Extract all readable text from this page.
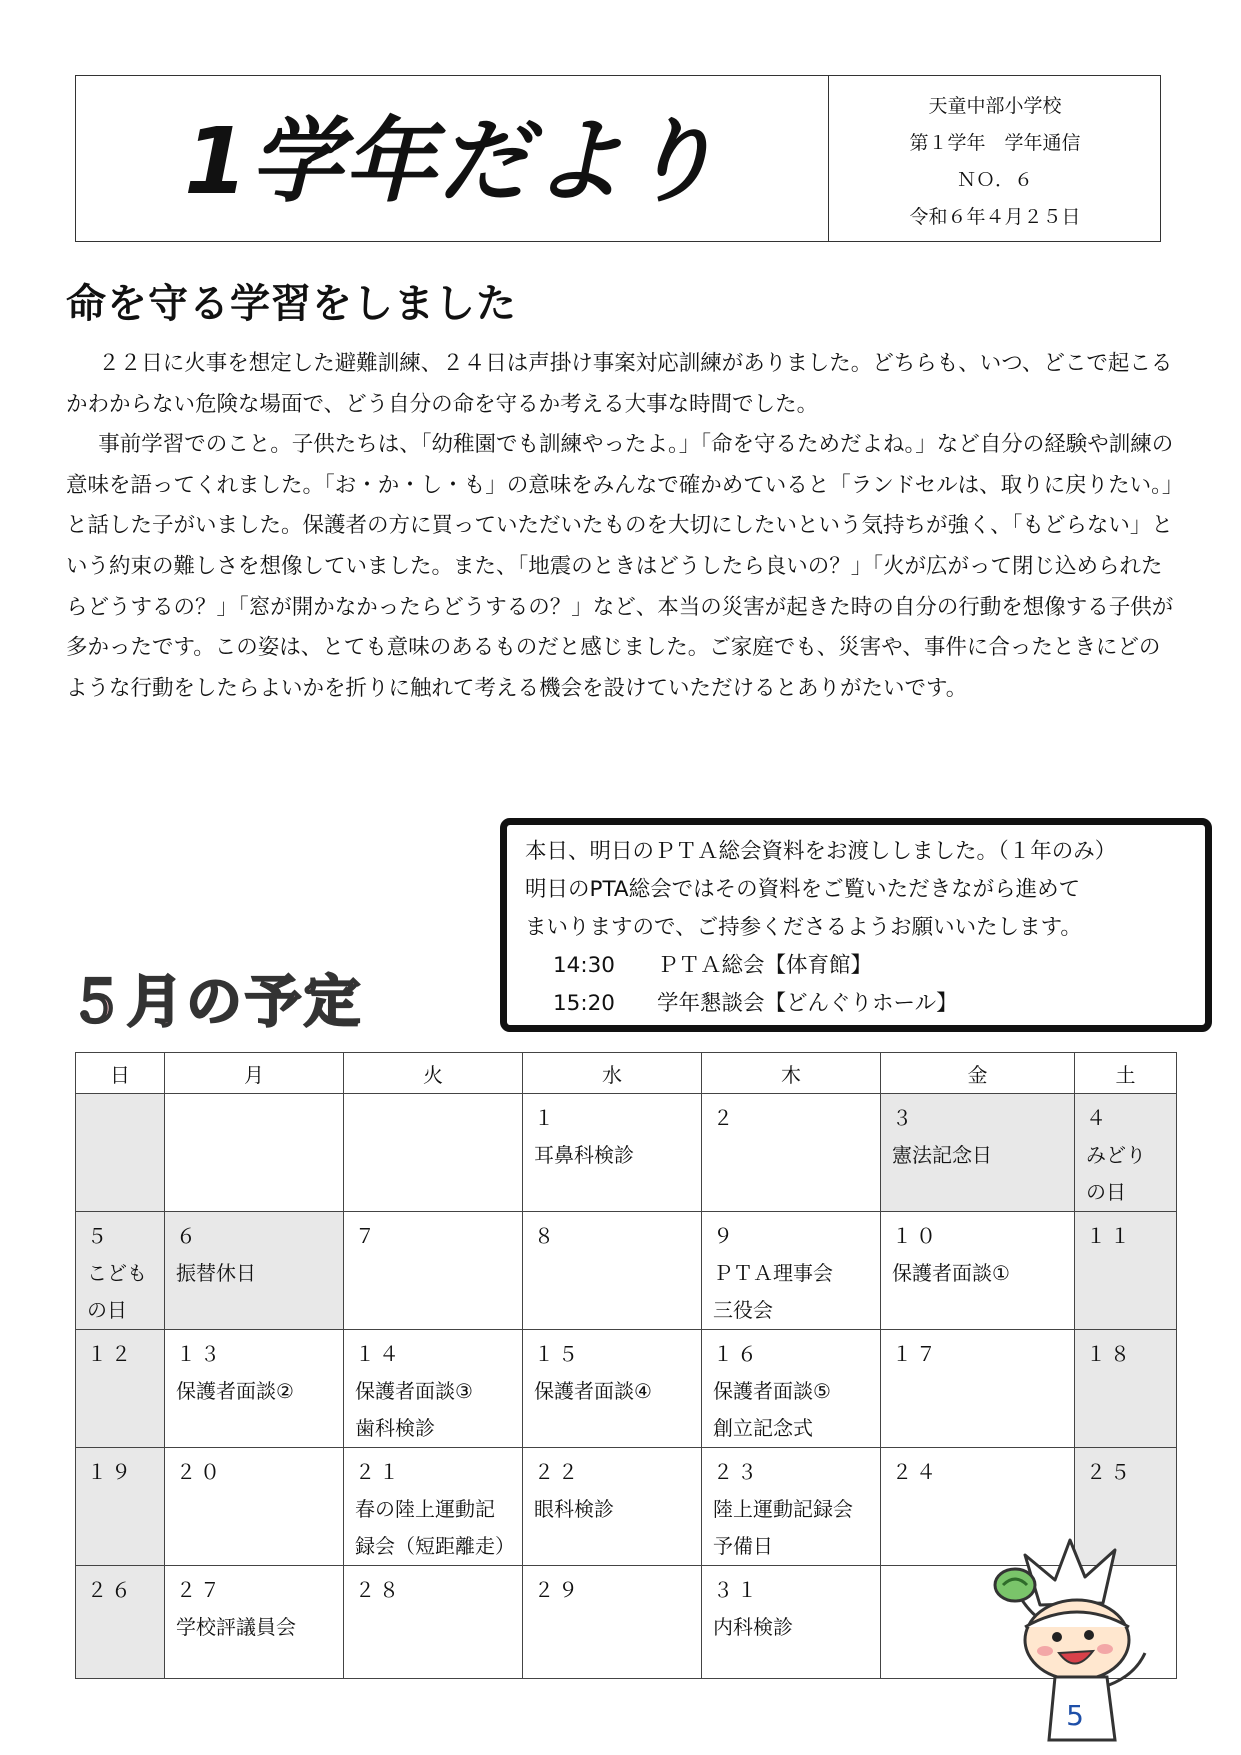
1学年だより
天童中部小学校
第１学年　学年通信
ＮＯ．６
令和６年４月２５日
命を守る学習をしました

２２日に火事を想定した避難訓練、２４日は声掛け事案対応訓練がありました。どちらも、いつ、どこで起こるかわからない危険な場面で、どう自分の命を守るか考える大事な時間でした。

事前学習でのこと。子供たちは、「幼稚園でも訓練やったよ。」「命を守るためだよね。」など自分の経験や訓練の意味を語ってくれました。「お・か・し・も」の意味をみんなで確かめていると「ランドセルは、取りに戻りたい。」と話した子がいました。保護者の方に買っていただいたものを大切にしたいという気持ちが強く、「もどらない」という約束の難しさを想像していました。また、「地震のときはどうしたら良いの？」「火が広がって閉じ込められたらどうするの？」「窓が開かなかったらどうするの？」など、本当の災害が起きた時の自分の行動を想像する子供が多かったです。この姿は、とても意味のあるものだと感じました。ご家庭でも、災害や、事件に合ったときにどのような行動をしたらよいかを折りに触れて考える機会を設けていただけるとありがたいです。

本日、明日のＰＴＡ総会資料をお渡ししました。（１年のみ）
明日のPTA総会ではその資料をご覧いただきながら進めて
まいりますので、ご持参くださるようお願いいたします。
14:30 ＰＴＡ総会【体育館】
15:20 学年懇談会【どんぐりホール】
５月の予定
日	月	火	水	木	金	土

			１
耳鼻科検診	２	３
憲法記念日	４
みどり
の日

５
こども
の日	６
振替休日	７	８	９
ＰＴＡ理事会
三役会	１０
保護者面談①	１１

１２	１３
保護者面談②	１４
保護者面談③
歯科検診	１５
保護者面談④	１６
保護者面談⑤
創立記念式	１７	１８

１９	２０	２１
春の陸上運動記
録会（短距離走）	２２
眼科検診	２３
陸上運動記録会
予備日	２４	２５

２６	２７
学校評議員会	２８	２９	３１
内科検診		

5
